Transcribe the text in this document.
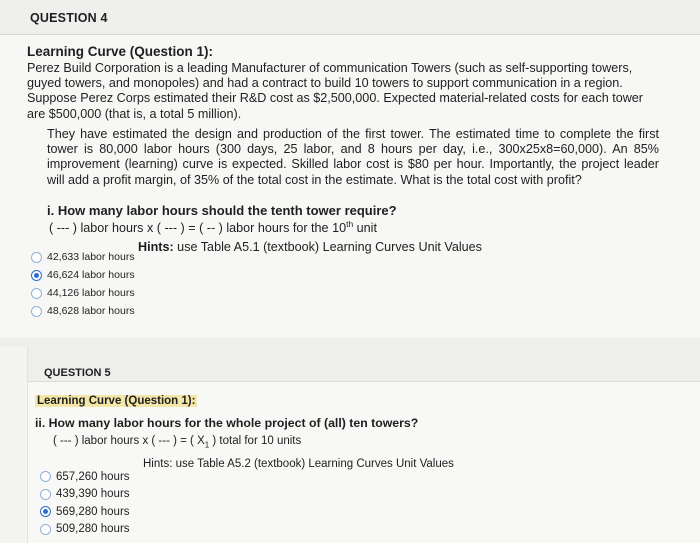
QUESTION 4
Learning Curve (Question 1):
Perez Build Corporation is a leading Manufacturer of communication Towers (such as self-supporting towers, guyed towers, and monopoles) and had a contract to build 10 towers to support communication in a region. Suppose Perez Corps estimated their R&D cost as $2,500,000. Expected material-related costs for each tower are $500,000 (that is, a total 5 million).
They have estimated the design and production of the first tower. The estimated time to complete the first tower is 80,000 labor hours (300 days, 25 labor, and 8 hours per day, i.e., 300x25x8=60,000). An 85% improvement (learning) curve is expected. Skilled labor cost is $80 per hour. Importantly, the project leader will add a profit margin, of 35% of the total cost in the estimate. What is the total cost with profit?
i. How many labor hours should the tenth tower require?
( --- ) labor hours x ( --- ) = ( -- ) labor hours for the 10th unit
Hints: use Table A5.1 (textbook) Learning Curves Unit Values
42,633 labor hours
46,624 labor hours
44,126 labor hours
48,628 labor hours
QUESTION 5
Learning Curve (Question 1):
ii. How many labor hours for the whole project of (all) ten towers?
( --- ) labor hours x ( --- ) = ( $X_1$ ) total for 10 units
Hints: use Table A5.2 (textbook) Learning Curves Unit Values
657,260 hours
439,390 hours
569,280 hours
509,280 hours
